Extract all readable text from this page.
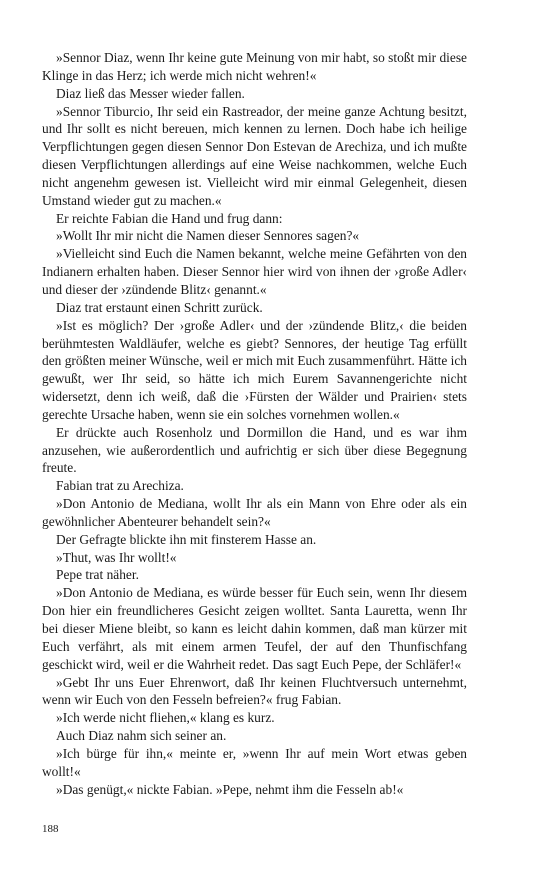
»Sennor Diaz, wenn Ihr keine gute Meinung von mir habt, so stoßt mir diese Klinge in das Herz; ich werde mich nicht wehren!«

Diaz ließ das Messer wieder fallen.

»Sennor Tiburcio, Ihr seid ein Rastreador, der meine ganze Achtung besitzt, und Ihr sollt es nicht bereuen, mich kennen zu lernen. Doch habe ich heilige Verpflichtungen gegen diesen Sennor Don Estevan de Arechiza, und ich mußte diesen Verpflichtungen allerdings auf eine Weise nachkommen, welche Euch nicht angenehm gewesen ist. Vielleicht wird mir einmal Gelegenheit, diesen Umstand wieder gut zu machen.«

Er reichte Fabian die Hand und frug dann:

»Wollt Ihr mir nicht die Namen dieser Sennores sagen?«

»Vielleicht sind Euch die Namen bekannt, welche meine Gefährten von den Indianern erhalten haben. Dieser Sennor hier wird von ihnen der ›große Adler‹ und dieser der ›zündende Blitz‹ genannt.«

Diaz trat erstaunt einen Schritt zurück.

»Ist es möglich? Der ›große Adler‹ und der ›zündende Blitz,‹ die beiden berühmtesten Waldläufer, welche es giebt? Sennores, der heutige Tag erfüllt den größten meiner Wünsche, weil er mich mit Euch zusammenführt. Hätte ich gewußt, wer Ihr seid, so hätte ich mich Eurem Savannengerichte nicht widersetzt, denn ich weiß, daß die ›Fürsten der Wälder und Prairien‹ stets gerechte Ursache haben, wenn sie ein solches vornehmen wollen.«

Er drückte auch Rosenholz und Dormillon die Hand, und es war ihm anzusehen, wie außerordentlich und aufrichtig er sich über diese Begegnung freute.

Fabian trat zu Arechiza.

»Don Antonio de Mediana, wollt Ihr als ein Mann von Ehre oder als ein gewöhnlicher Abenteurer behandelt sein?«

Der Gefragte blickte ihn mit finsterem Hasse an.

»Thut, was Ihr wollt!«

Pepe trat näher.

»Don Antonio de Mediana, es würde besser für Euch sein, wenn Ihr diesem Don hier ein freundlicheres Gesicht zeigen wolltet. Santa Lauretta, wenn Ihr bei dieser Miene bleibt, so kann es leicht dahin kommen, daß man kürzer mit Euch verfährt, als mit einem armen Teufel, der auf den Thunfischfang geschickt wird, weil er die Wahrheit redet. Das sagt Euch Pepe, der Schläfer!«

»Gebt Ihr uns Euer Ehrenwort, daß Ihr keinen Fluchtversuch unternehmt, wenn wir Euch von den Fesseln befreien?« frug Fabian.

»Ich werde nicht fliehen,« klang es kurz.

Auch Diaz nahm sich seiner an.

»Ich bürge für ihn,« meinte er, »wenn Ihr auf mein Wort etwas geben wollt!«

»Das genügt,« nickte Fabian. »Pepe, nehmt ihm die Fesseln ab!«

188
